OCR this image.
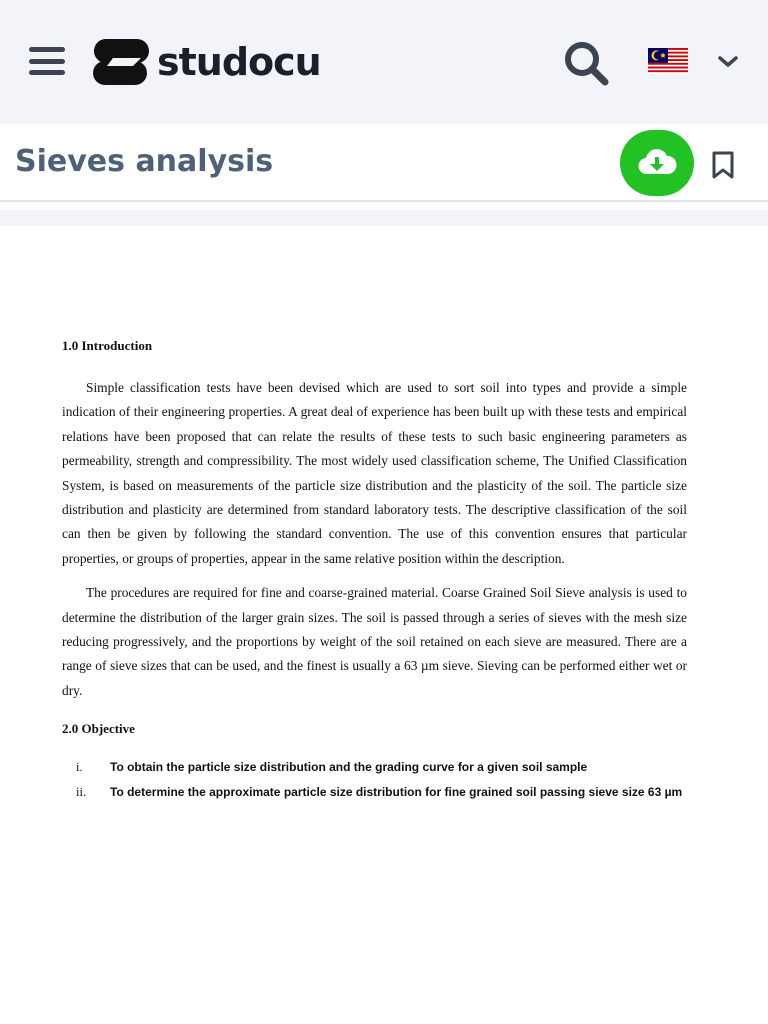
studocu
Sieves analysis
1.0 Introduction

Simple classification tests have been devised which are used to sort soil into types and provide a simple indication of their engineering properties. A great deal of experience has been built up with these tests and empirical relations have been proposed that can relate the results of these tests to such basic engineering parameters as permeability, strength and compressibility. The most widely used classification scheme, The Unified Classification System, is based on measurements of the particle size distribution and the plasticity of the soil. The particle size distribution and plasticity are determined from standard laboratory tests. The descriptive classification of the soil can then be given by following the standard convention. The use of this convention ensures that particular properties, or groups of properties, appear in the same relative position within the description.

The procedures are required for fine and coarse-grained material. Coarse Grained Soil Sieve analysis is used to determine the distribution of the larger grain sizes. The soil is passed through a series of sieves with the mesh size reducing progressively, and the proportions by weight of the soil retained on each sieve are measured. There are a range of sieve sizes that can be used, and the finest is usually a 63 µm sieve. Sieving can be performed either wet or dry.

2.0 Objective
i. To obtain the particle size distribution and the grading curve for a given soil sample
ii. To determine the approximate particle size distribution for fine grained soil passing sieve size 63 µm
